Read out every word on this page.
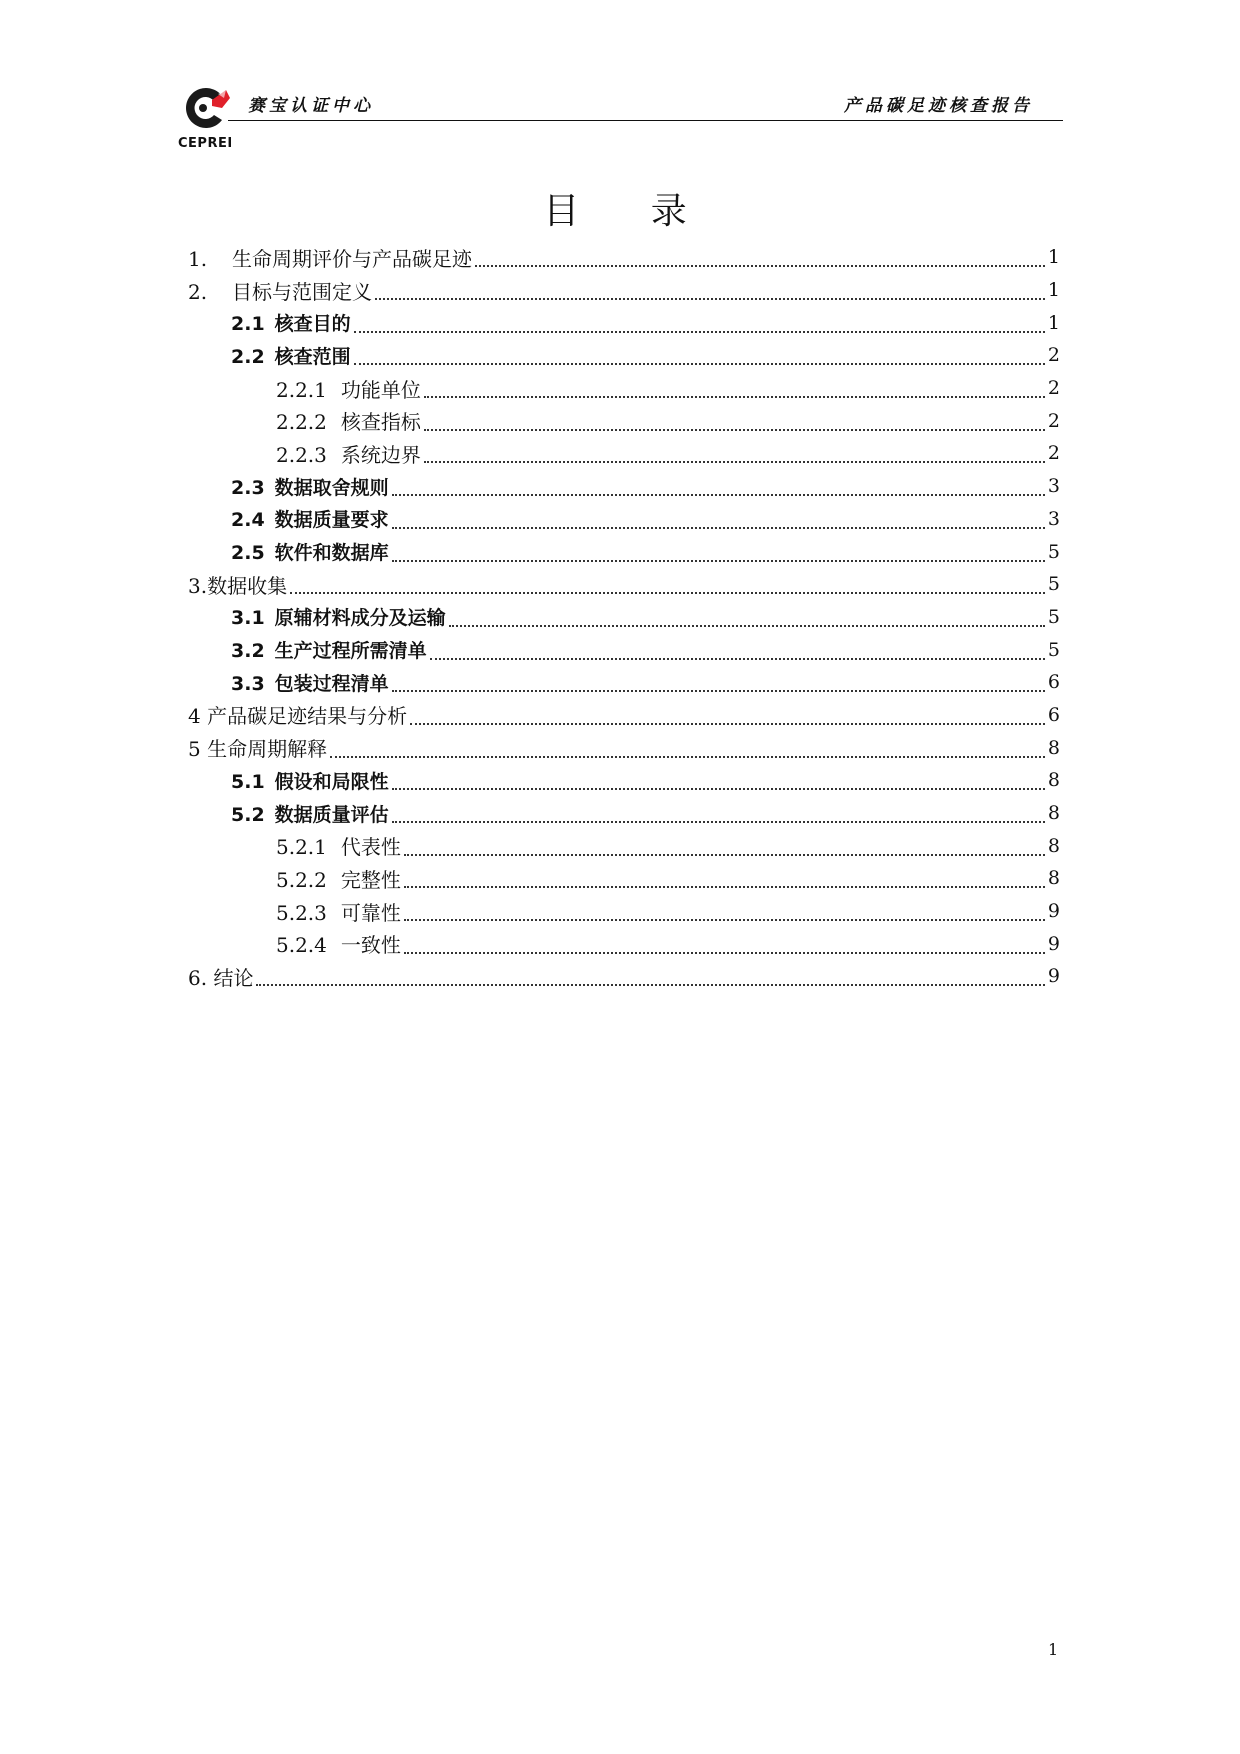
CEPREI
赛宝认证中心	产品碳足迹核查报告
目 录
1. 生命周期评价与产品碳足迹	1
2. 目标与范围定义	1
2.1 核查目的	1
2.2 核查范围	2
2.2.1 功能单位	2
2.2.2 核查指标	2
2.2.3 系统边界	2
2.3 数据取舍规则	3
2.4 数据质量要求	3
2.5 软件和数据库	5
3.数据收集	5
3.1 原辅材料成分及运输	5
3.2 生产过程所需清单	5
3.3 包装过程清单	6
4 产品碳足迹结果与分析	6
5 生命周期解释	8
5.1 假设和局限性	8
5.2 数据质量评估	8
5.2.1 代表性	8
5.2.2 完整性	8
5.2.3 可靠性	9
5.2.4 一致性	9
6. 结论	9
1
